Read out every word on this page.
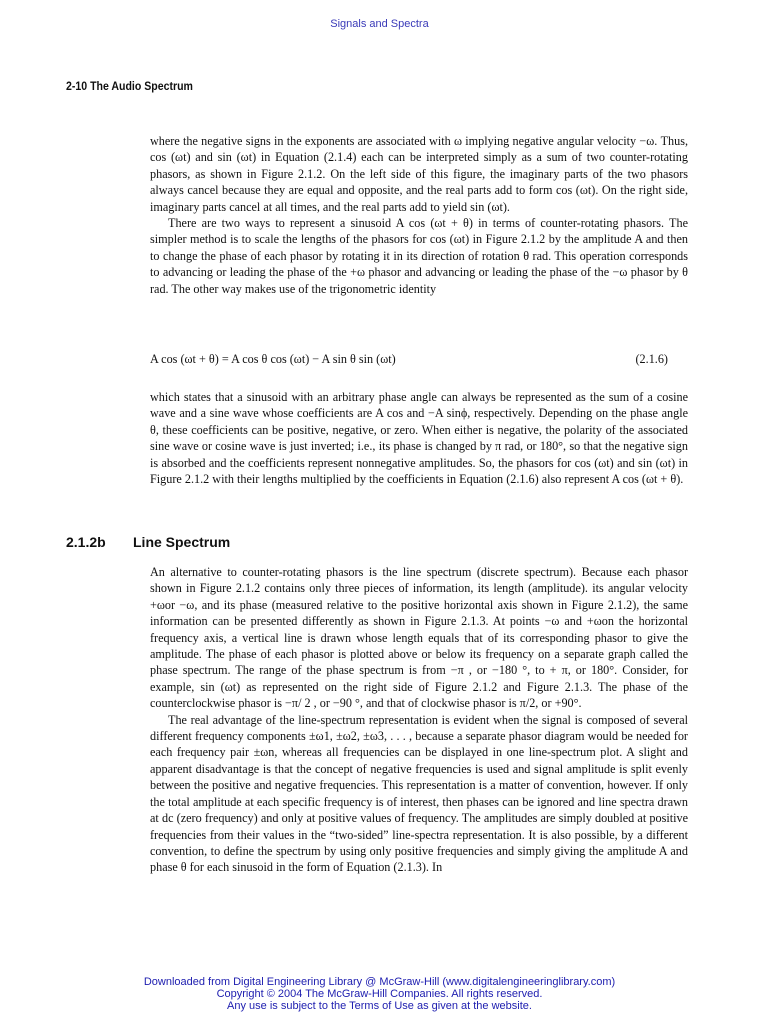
Signals and Spectra
2-10 The Audio Spectrum

where the negative signs in the exponents are associated with ω implying negative angular velocity −ω. Thus, cos (ωt) and sin (ωt) in Equation (2.1.4) each can be interpreted simply as a sum of two counter-rotating phasors, as shown in Figure 2.1.2. On the left side of this figure, the imaginary parts of the two phasors always cancel because they are equal and opposite, and the real parts add to form cos (ωt). On the right side, imaginary parts cancel at all times, and the real parts add to yield sin (ωt).

There are two ways to represent a sinusoid A cos (ωt + θ) in terms of counter-rotating phasors. The simpler method is to scale the lengths of the phasors for cos (ωt) in Figure 2.1.2 by the amplitude A and then to change the phase of each phasor by rotating it in its direction of rotation θ rad. This operation corresponds to advancing or leading the phase of the +ω phasor and advancing or leading the phase of the −ω phasor by θ rad. The other way makes use of the trigonometric identity

A cos (ωt + θ) = A cos θ cos (ωt) − A sin θ sin (ωt)	(2.1.6)

which states that a sinusoid with an arbitrary phase angle can always be represented as the sum of a cosine wave and a sine wave whose coefficients are A cos and −A sinϕ, respectively. Depending on the phase angle θ, these coefficients can be positive, negative, or zero. When either is negative, the polarity of the associated sine wave or cosine wave is just inverted; i.e., its phase is changed by π rad, or 180°, so that the negative sign is absorbed and the coefficients represent nonnegative amplitudes. So, the phasors for cos (ωt) and sin (ωt) in Figure 2.1.2 with their lengths multiplied by the coefficients in Equation (2.1.6) also represent A cos (ωt + θ).

2.1.2b Line Spectrum

An alternative to counter-rotating phasors is the line spectrum (discrete spectrum). Because each phasor shown in Figure 2.1.2 contains only three pieces of information, its length (amplitude). its angular velocity +ωor −ω, and its phase (measured relative to the positive horizontal axis shown in Figure 2.1.2), the same information can be presented differently as shown in Figure 2.1.3. At points −ω and +ωon the horizontal frequency axis, a vertical line is drawn whose length equals that of its corresponding phasor to give the amplitude. The phase of each phasor is plotted above or below its frequency on a separate graph called the phase spectrum. The range of the phase spectrum is from −π , or −180 °, to + π, or 180°. Consider, for example, sin (ωt) as represented on the right side of Figure 2.1.2 and Figure 2.1.3. The phase of the counterclockwise phasor is −π/ 2 , or −90 °, and that of clockwise phasor is π/2, or +90°.

The real advantage of the line-spectrum representation is evident when the signal is composed of several different frequency components ±ω1, ±ω2, ±ω3, . . . , because a separate phasor diagram would be needed for each frequency pair ±ωn, whereas all frequencies can be displayed in one line-spectrum plot. A slight and apparent disadvantage is that the concept of negative frequencies is used and signal amplitude is split evenly between the positive and negative frequencies. This representation is a matter of convention, however. If only the total amplitude at each specific frequency is of interest, then phases can be ignored and line spectra drawn at dc (zero frequency) and only at positive values of frequency. The amplitudes are simply doubled at positive frequencies from their values in the “two-sided” line-spectra representation. It is also possible, by a different convention, to define the spectrum by using only positive frequencies and simply giving the amplitude A and phase θ for each sinusoid in the form of Equation (2.1.3). In

Downloaded from Digital Engineering Library @ McGraw-Hill (www.digitalengineeringlibrary.com)
Copyright © 2004 The McGraw-Hill Companies. All rights reserved.
Any use is subject to the Terms of Use as given at the website.
